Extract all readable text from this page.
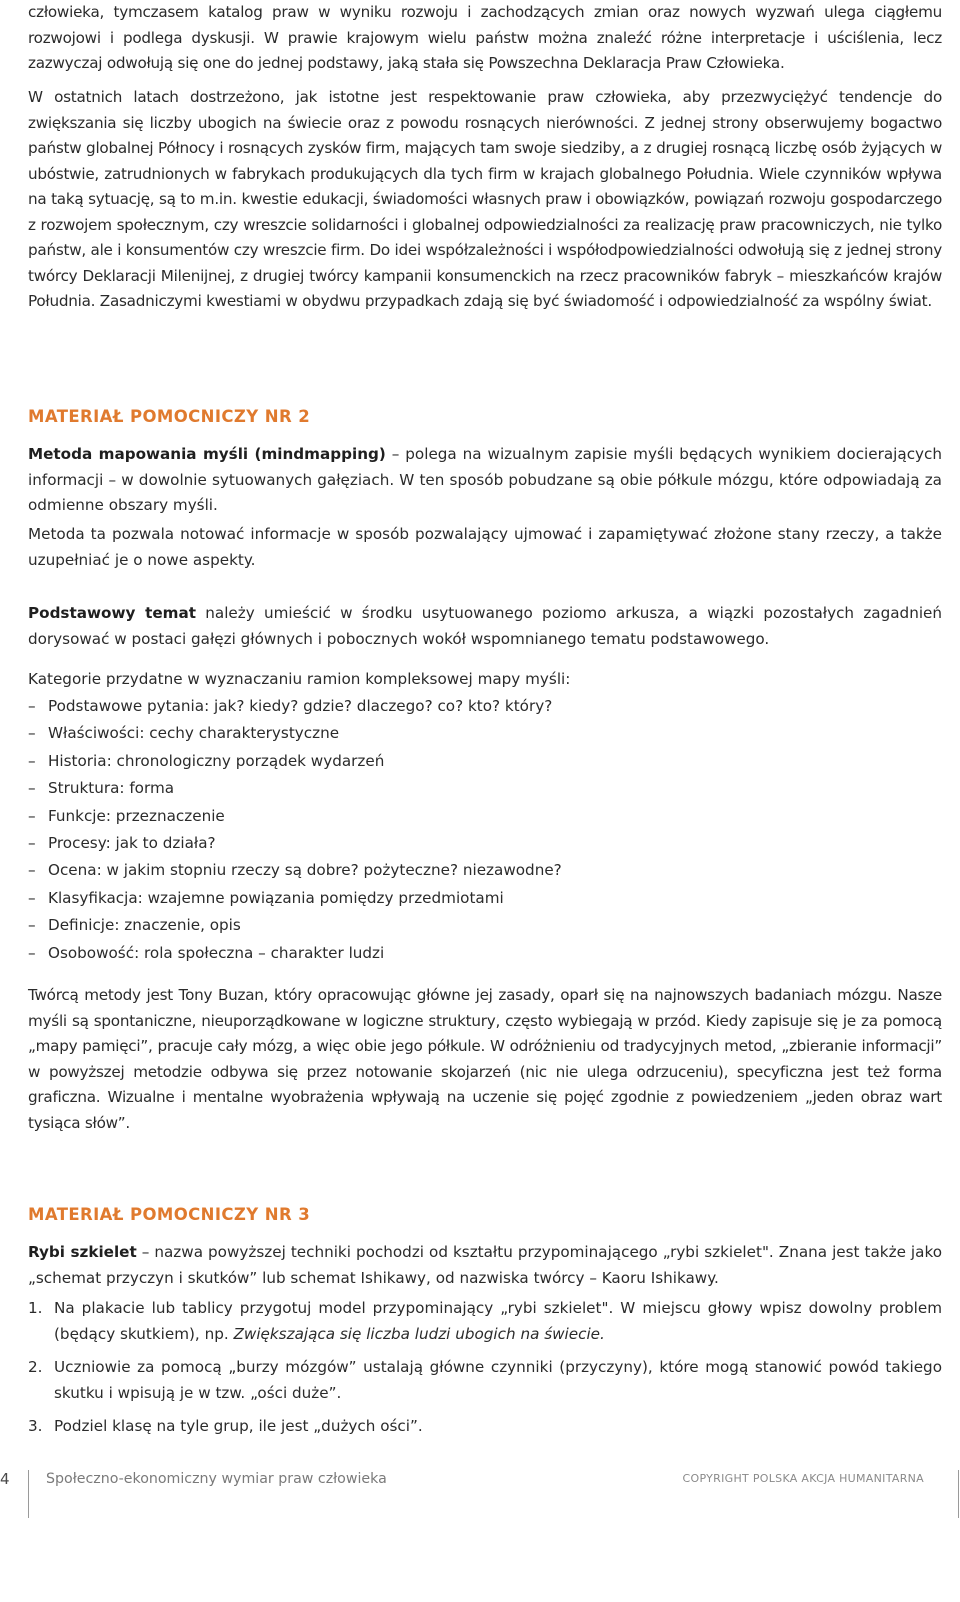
człowieka, tymczasem katalog praw w wyniku rozwoju i zachodzących zmian oraz nowych wyzwań ulega ciągłemu rozwojowi i podlega dyskusji. W prawie krajowym wielu państw można znaleźć różne interpretacje i uściślenia, lecz zazwyczaj odwołują się one do jednej podstawy, jaką stała się Powszechna Deklaracja Praw Człowieka.

W ostatnich latach dostrzeżono, jak istotne jest respektowanie praw człowieka, aby przezwyciężyć tendencje do zwiększania się liczby ubogich na świecie oraz z powodu rosnących nierówności. Z jednej strony obserwujemy bogactwo państw globalnej Północy i rosnących zysków firm, mających tam swoje siedziby, a z drugiej rosnącą liczbę osób żyjących w ubóstwie, zatrudnionych w fabrykach produkujących dla tych firm w krajach globalnego Południa. Wiele czynników wpływa na taką sytuację, są to m.in. kwestie edukacji, świadomości własnych praw i obowiązków, powiązań rozwoju gospodarczego z rozwojem społecznym, czy wreszcie solidarności i globalnej odpowiedzialności za realizację praw pracowniczych, nie tylko państw, ale i konsumentów czy wreszcie firm. Do idei współzależności i współodpowiedzialności odwołują się z jednej strony twórcy Deklaracji Milenijnej, z drugiej twórcy kampanii konsumenckich na rzecz pracowników fabryk – mieszkańców krajów Południa. Zasadniczymi kwestiami w obydwu przypadkach zdają się być świadomość i odpowiedzialność za wspólny świat.

MATERIAŁ POMOCNICZY NR 2

Metoda mapowania myśli (mindmapping) – polega na wizualnym zapisie myśli będących wynikiem docierających informacji – w dowolnie sytuowanych gałęziach. W ten sposób pobudzane są obie półkule mózgu, które odpowiadają za odmienne obszary myśli.

Metoda ta pozwala notować informacje w sposób pozwalający ujmować i zapamiętywać złożone stany rzeczy, a także uzupełniać je o nowe aspekty.

Podstawowy temat należy umieścić w środku usytuowanego poziomo arkusza, a wiązki pozostałych zagadnień dorysować w postaci gałęzi głównych i pobocznych wokół wspomnianego tematu podstawowego.

Kategorie przydatne w wyznaczaniu ramion kompleksowej mapy myśli:

– Podstawowe pytania: jak? kiedy? gdzie? dlaczego? co? kto? który?
– Właściwości: cechy charakterystyczne
– Historia: chronologiczny porządek wydarzeń
– Struktura: forma
– Funkcje: przeznaczenie
– Procesy: jak to działa?
– Ocena: w jakim stopniu rzeczy są dobre? pożyteczne? niezawodne?
– Klasyfikacja: wzajemne powiązania pomiędzy przedmiotami
– Definicje: znaczenie, opis
– Osobowość: rola społeczna – charakter ludzi

Twórcą metody jest Tony Buzan, który opracowując główne jej zasady, oparł się na najnowszych badaniach mózgu. Nasze myśli są spontaniczne, nieuporządkowane w logiczne struktury, często wybiegają w przód. Kiedy zapisuje się je za pomocą „mapy pamięci”, pracuje cały mózg, a więc obie jego półkule. W odróżnieniu od tradycyjnych metod, „zbieranie informacji” w powyższej metodzie odbywa się przez notowanie skojarzeń (nic nie ulega odrzuceniu), specyficzna jest też forma graficzna. Wizualne i mentalne wyobrażenia wpływają na uczenie się pojęć zgodnie z powiedzeniem „jeden obraz wart tysiąca słów”.

MATERIAŁ POMOCNICZY NR 3

Rybi szkielet – nazwa powyższej techniki pochodzi od kształtu przypominającego „rybi szkielet". Znana jest także jako „schemat przyczyn i skutków” lub schemat Ishikawy, od nazwiska twórcy – Kaoru Ishikawy.

1. Na plakacie lub tablicy przygotuj model przypominający „rybi szkielet". W miejscu głowy wpisz dowolny problem (będący skutkiem), np. Zwiększająca się liczba ludzi ubogich na świecie.
2. Uczniowie za pomocą „burzy mózgów” ustalają główne czynniki (przyczyny), które mogą stanowić powód takiego skutku i wpisują je w tzw. „ości duże”.
3. Podziel klasę na tyle grup, ile jest „dużych ości”.
4	Społeczno-ekonomiczny wymiar praw człowieka	COPYRIGHT POLSKA AKCJA HUMANITARNA
